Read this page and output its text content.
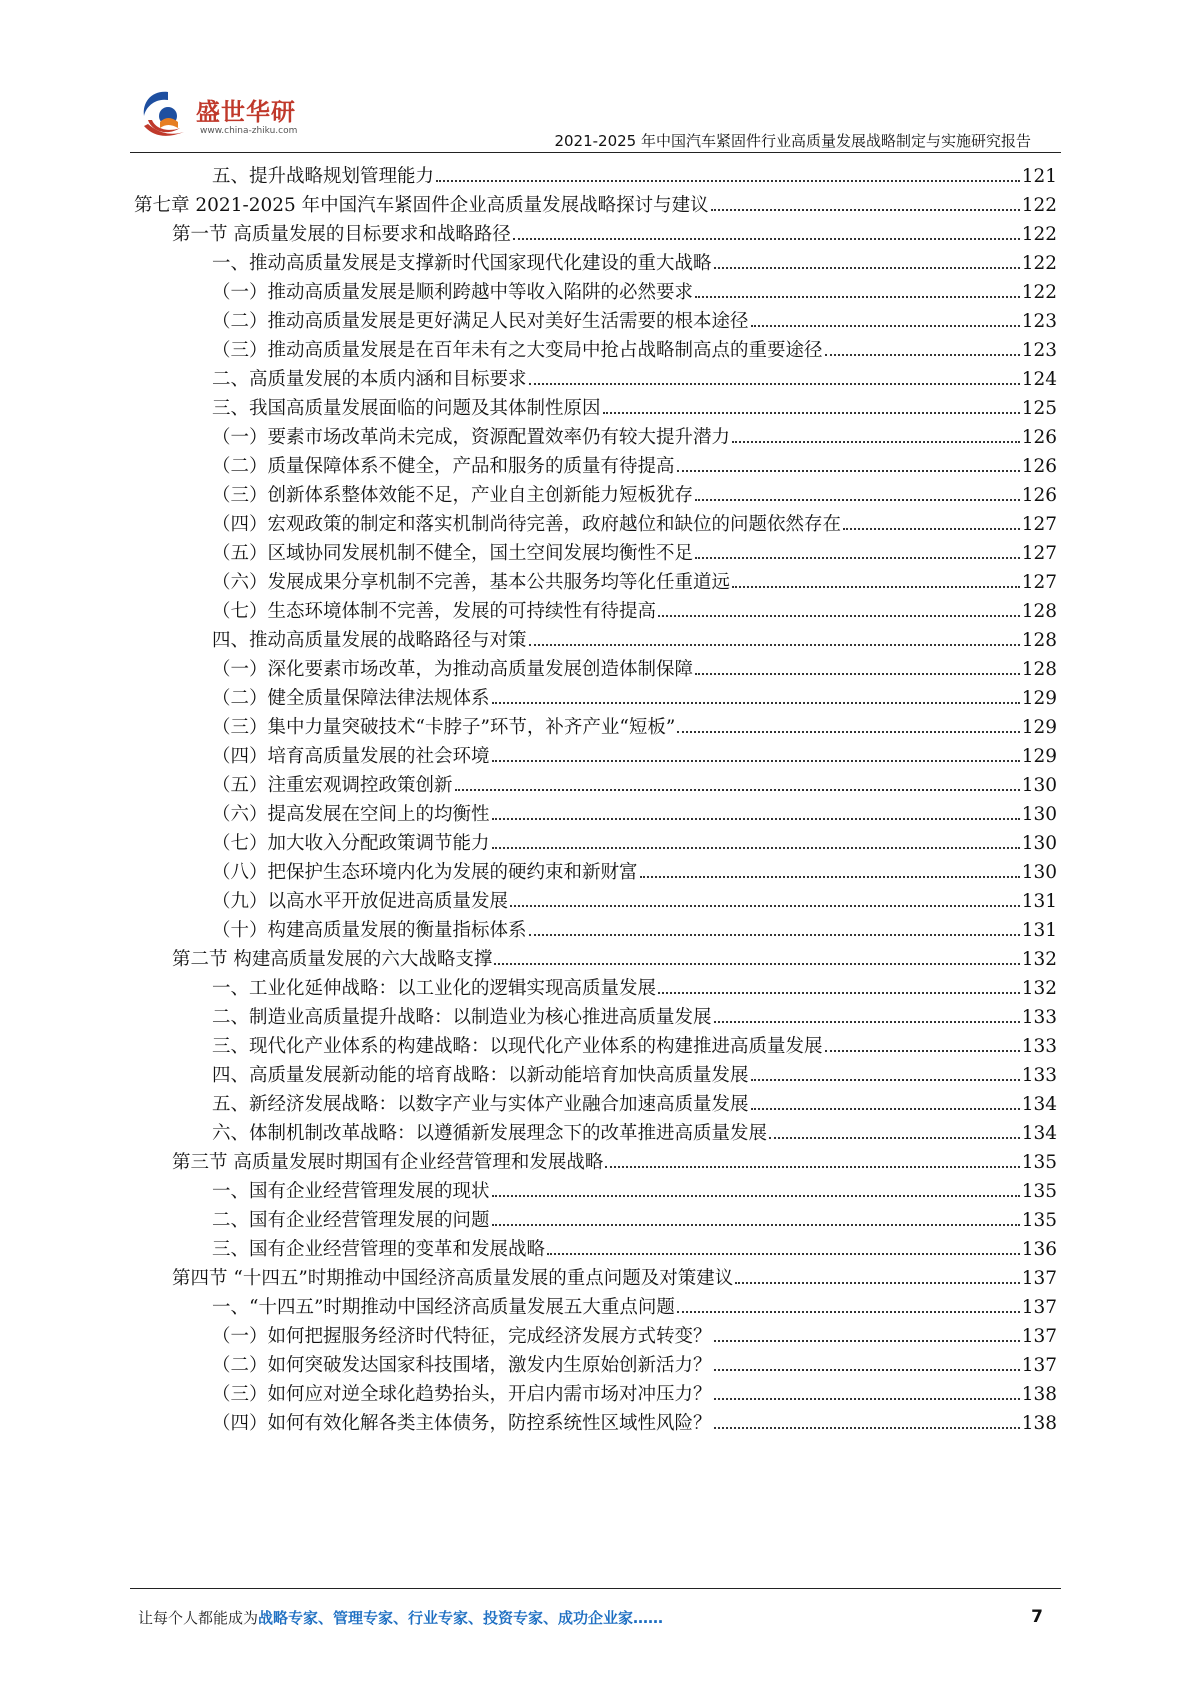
盛世华研
www.china-zhiku.com
2021-2025 年中国汽车紧固件行业高质量发展战略制定与实施研究报告
五、提升战略规划管理能力	121
第七章 2021-2025 年中国汽车紧固件企业高质量发展战略探讨与建议	122
第一节 高质量发展的目标要求和战略路径	122
一、推动高质量发展是支撑新时代国家现代化建设的重大战略	122
（一）推动高质量发展是顺利跨越中等收入陷阱的必然要求	122
（二）推动高质量发展是更好满足人民对美好生活需要的根本途径	123
（三）推动高质量发展是在百年未有之大变局中抢占战略制高点的重要途径	123
二、高质量发展的本质内涵和目标要求	124
三、我国高质量发展面临的问题及其体制性原因	125
（一）要素市场改革尚未完成，资源配置效率仍有较大提升潜力	126
（二）质量保障体系不健全，产品和服务的质量有待提高	126
（三）创新体系整体效能不足，产业自主创新能力短板犹存	126
（四）宏观政策的制定和落实机制尚待完善，政府越位和缺位的问题依然存在	127
（五）区域协同发展机制不健全，国土空间发展均衡性不足	127
（六）发展成果分享机制不完善，基本公共服务均等化任重道远	127
（七）生态环境体制不完善，发展的可持续性有待提高	128
四、推动高质量发展的战略路径与对策	128
（一）深化要素市场改革，为推动高质量发展创造体制保障	128
（二）健全质量保障法律法规体系	129
（三）集中力量突破技术“卡脖子”环节，补齐产业“短板”	129
（四）培育高质量发展的社会环境	129
（五）注重宏观调控政策创新	130
（六）提高发展在空间上的均衡性	130
（七）加大收入分配政策调节能力	130
（八）把保护生态环境内化为发展的硬约束和新财富	130
（九）以高水平开放促进高质量发展	131
（十）构建高质量发展的衡量指标体系	131
第二节 构建高质量发展的六大战略支撑	132
一、工业化延伸战略：以工业化的逻辑实现高质量发展	132
二、制造业高质量提升战略：以制造业为核心推进高质量发展	133
三、现代化产业体系的构建战略：以现代化产业体系的构建推进高质量发展	133
四、高质量发展新动能的培育战略：以新动能培育加快高质量发展	133
五、新经济发展战略：以数字产业与实体产业融合加速高质量发展	134
六、体制机制改革战略：以遵循新发展理念下的改革推进高质量发展	134
第三节 高质量发展时期国有企业经营管理和发展战略	135
一、国有企业经营管理发展的现状	135
二、国有企业经营管理发展的问题	135
三、国有企业经营管理的变革和发展战略	136
第四节 “十四五”时期推动中国经济高质量发展的重点问题及对策建议	137
一、“十四五”时期推动中国经济高质量发展五大重点问题	137
（一）如何把握服务经济时代特征，完成经济发展方式转变？	137
（二）如何突破发达国家科技围堵，激发内生原始创新活力？	137
（三）如何应对逆全球化趋势抬头，开启内需市场对冲压力？	138
（四）如何有效化解各类主体债务，防控系统性区域性风险？	138
让每个人都能成为战略专家、管理专家、行业专家、投资专家、成功企业家……	7
